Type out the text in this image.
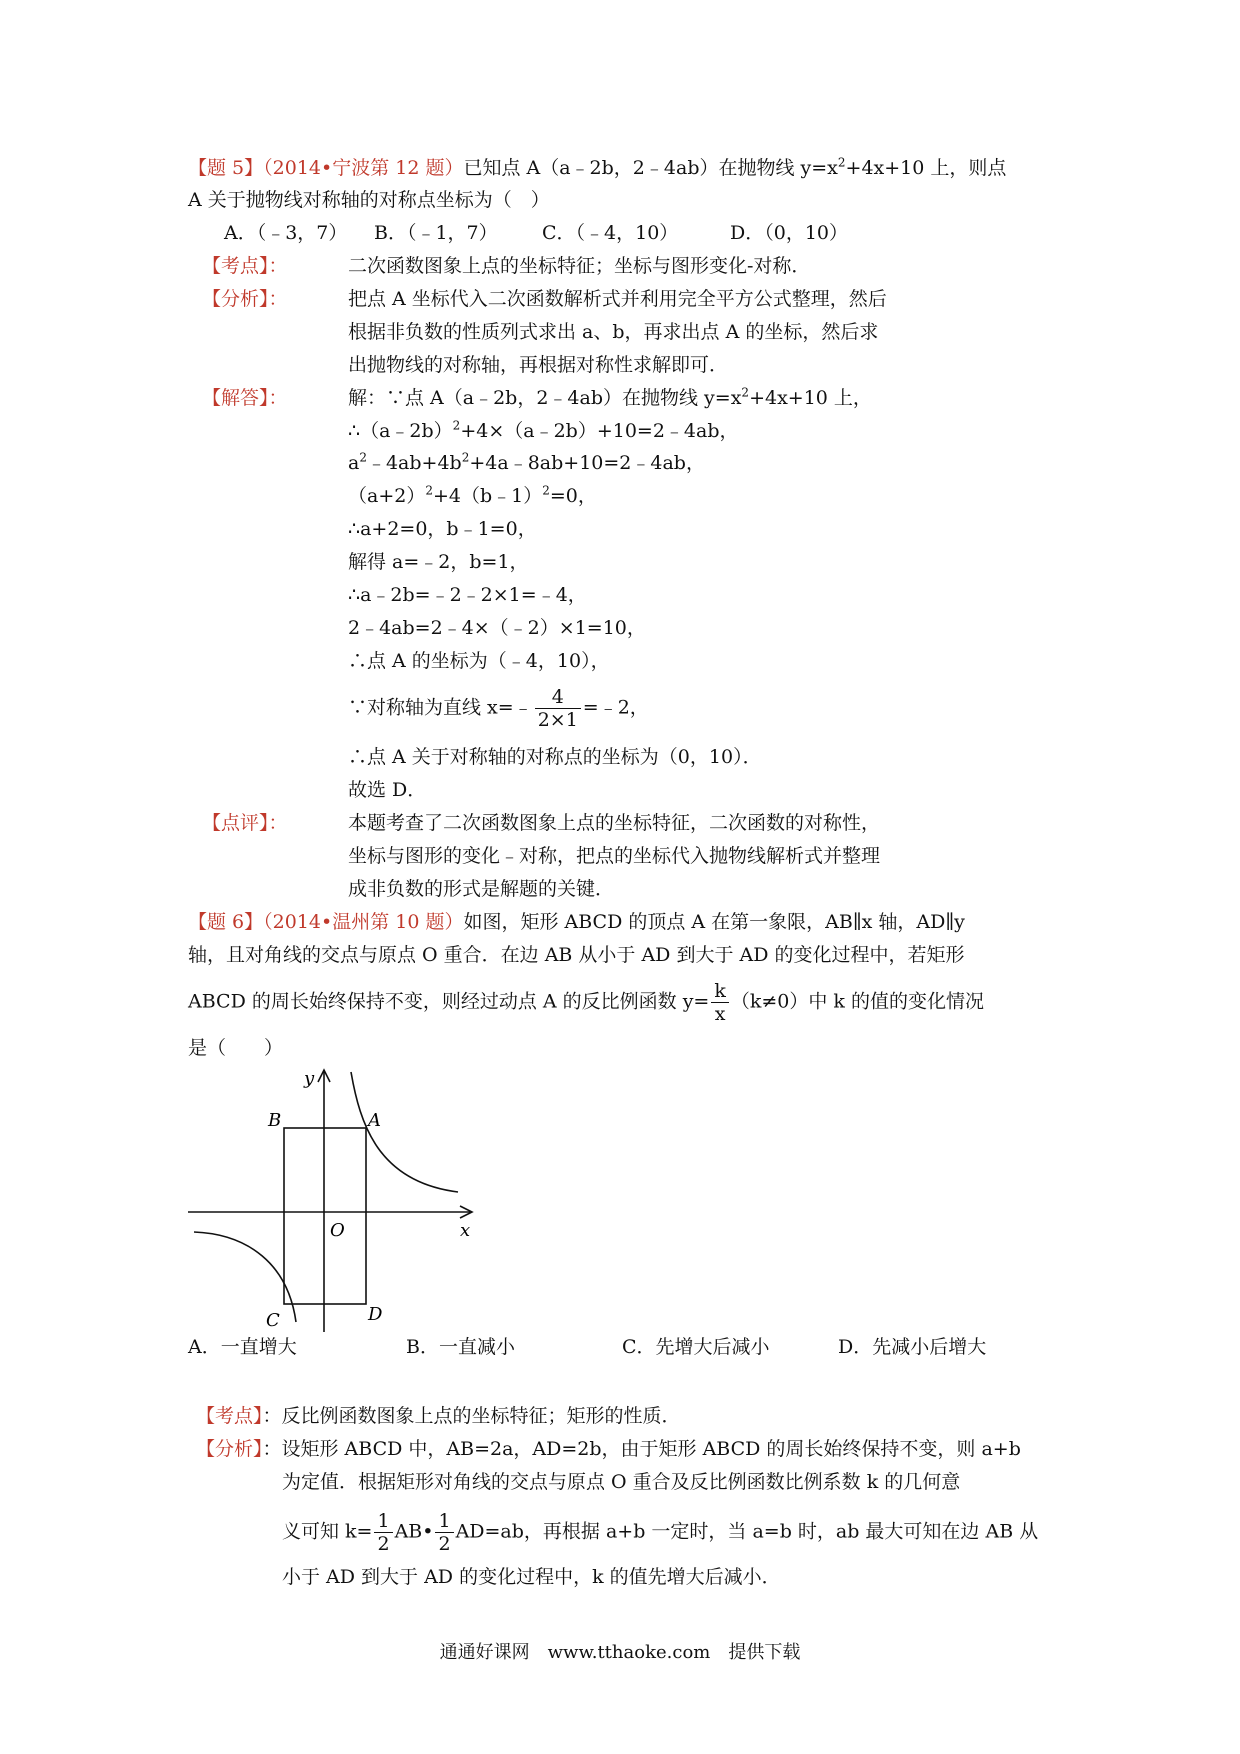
【题 5】（2014•宁波第 12 题）已知点 A（a﹣2b，2﹣4ab）在抛物线 $y=x^2+4x+10$ 上，则点
A 关于抛物线对称轴的对称点坐标为（　）
A．（﹣3，7） B．（﹣1，7） C．（﹣4，10）	D．（0，10）
【考点】：	二次函数图象上点的坐标特征；坐标与图形变化-对称．
【分析】：	把点 A 坐标代入二次函数解析式并利用完全平方公式整理，然后
根据非负数的性质列式求出 a、b，再求出点 A 的坐标，然后求
出抛物线的对称轴，再根据对称性求解即可．
【解答】：	解：∵点 A（a﹣2b，2﹣4ab）在抛物线 $y=x^2+4x+10$ 上，
∴（a﹣2b）$^2$+4×（a﹣2b）+10=2﹣4ab，
$a^2﹣4ab+4b^2+4a﹣8ab+10=2﹣4ab$，
$(a+2)^2+4(b﹣1)^2=0$，
∴a+2=0，b﹣1=0，
解得 a=﹣2，b=1，
∴a﹣2b=﹣2﹣2×1=﹣4，
2﹣4ab=2﹣4×（﹣2）×1=10，
∴点 A 的坐标为（﹣4，10），
∵对称轴为直线 x=﹣ $\frac{4}{2\times 1}$ =﹣2，
∴点 A 关于对称轴的对称点的坐标为（0，10）．
故选 D．
【点评】：	本题考查了二次函数图象上点的坐标特征，二次函数的对称性，
坐标与图形的变化﹣对称，把点的坐标代入抛物线解析式并整理
成非负数的形式是解题的关键．
【题 6】（2014•温州第 10 题）如图，矩形 ABCD 的顶点 A 在第一象限，AB∥x 轴，AD∥y
轴，且对角线的交点与原点 O 重合．在边 AB 从小于 AD 到大于 AD 的变化过程中，若矩形
ABCD 的周长始终保持不变，则经过动点 A 的反比例函数 $y= \frac{k}{x} (k\ne 0)$中 k 的值的变化情况
是（　　）
y
x
O
A
B
C	D
A．一直增大	B．一直减小	C．先增大后减小	D．先减小后增大
【考点】：反比例函数图象上点的坐标特征；矩形的性质．
【分析】：设矩形 ABCD 中，AB=2a，AD=2b，由于矩形 ABCD 的周长始终保持不变，则 a+b
为定值．根据矩形对角线的交点与原点 O 重合及反比例函数比例系数 k 的几何意
义可知 $k= \frac{1}{2}$ AB• $\frac{1}{2} AD=ab$，再根据 a+b 一定时，当 a=b 时，ab 最大可知在边 AB 从
小于 AD 到大于 AD 的变化过程中，k 的值先增大后减小．
通通好课网　www.tthaoke.com　提供下载
